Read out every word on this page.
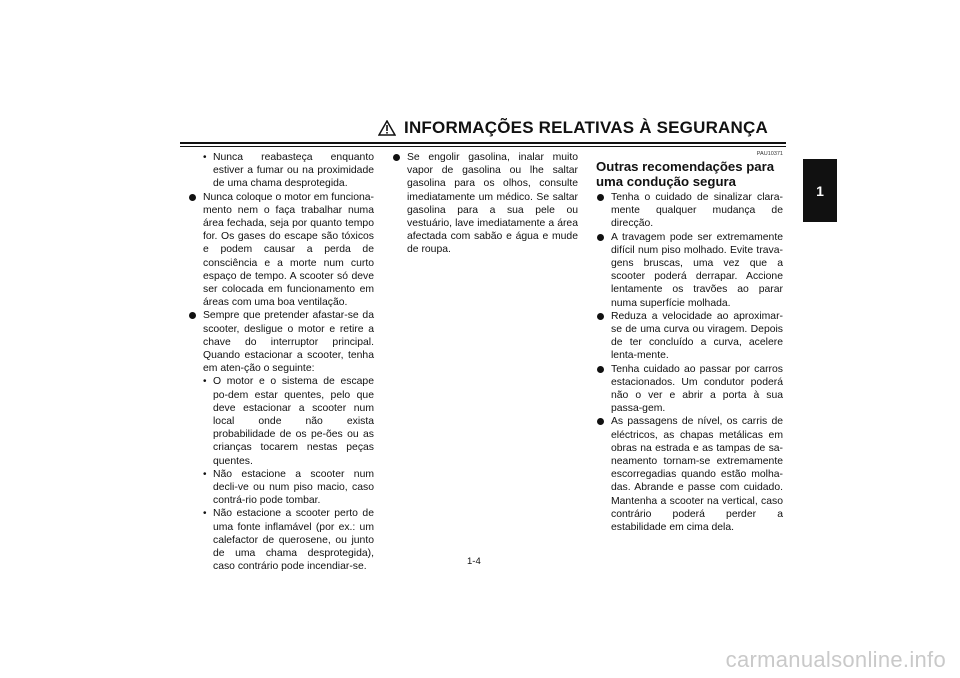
INFORMAÇÕES RELATIVAS À SEGURANÇA
1
• Nunca reabasteça enquanto estiver a fumar ou na proximidade de uma chama desprotegida.
Nunca coloque o motor em funciona-mento nem o faça trabalhar numa área fechada, seja por quanto tempo for. Os gases do escape são tóxicos e podem causar a perda de consciência e a morte num curto espaço de tempo. A scooter só deve ser colocada em funcionamento em áreas com uma boa ventilação.
Sempre que pretender afastar-se da scooter, desligue o motor e retire a chave do interruptor principal. Quando estacionar a scooter, tenha em aten-ção o seguinte:
• O motor e o sistema de escape po-dem estar quentes, pelo que deve estacionar a scooter num local onde não exista probabilidade de os pe-ões ou as crianças tocarem nestas peças quentes.
• Não estacione a scooter num decli-ve ou num piso macio, caso contrá-rio pode tombar.
• Não estacione a scooter perto de uma fonte inflamável (por ex.: um calefactor de querosene, ou junto de uma chama desprotegida), caso contrário pode incendiar-se.
Se engolir gasolina, inalar muito vapor de gasolina ou lhe saltar gasolina para os olhos, consulte imediatamente um médico. Se saltar gasolina para a sua pele ou vestuário, lave imediatamente a área afectada com sabão e água e mude de roupa.
PAU10371
Outras recomendações para uma condução segura
Tenha o cuidado de sinalizar clara-mente qualquer mudança de direcção.
A travagem pode ser extremamente difícil num piso molhado. Evite trava-gens bruscas, uma vez que a scooter poderá derrapar. Accione lentamente os travões ao parar numa superfície molhada.
Reduza a velocidade ao aproximar-se de uma curva ou viragem. Depois de ter concluído a curva, acelere lenta-mente.
Tenha cuidado ao passar por carros estacionados. Um condutor poderá não o ver e abrir a porta à sua passa-gem.
As passagens de nível, os carris de eléctricos, as chapas metálicas em obras na estrada e as tampas de sa-neamento tornam-se extremamente escorregadias quando estão molha-das. Abrande e passe com cuidado. Mantenha a scooter na vertical, caso contrário poderá perder a estabilidade em cima dela.
1-4
carmanualsonline.info
